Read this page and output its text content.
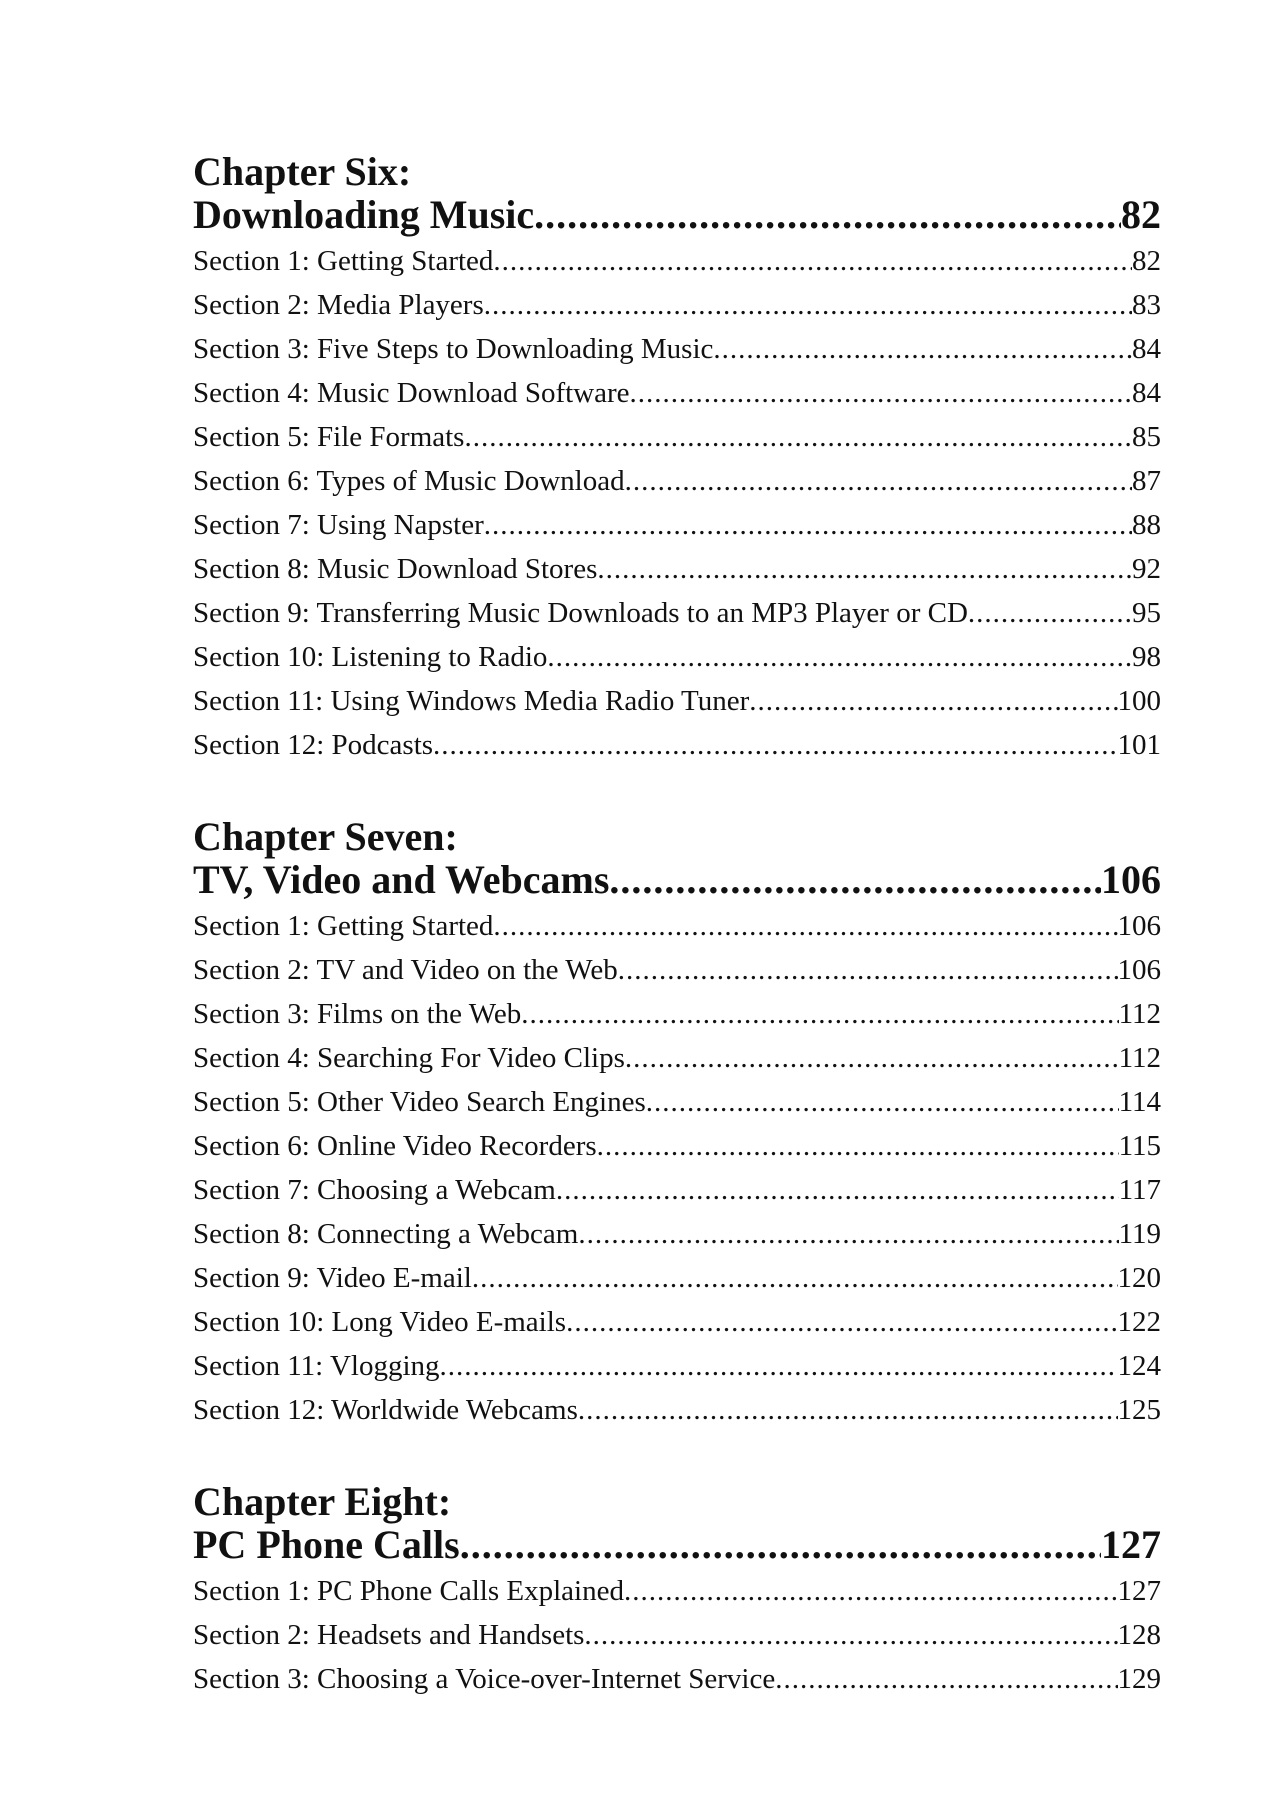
Chapter Six:
Downloading Music .....	82
Section 1: Getting Started .....	82
Section 2: Media Players .....	83
Section 3: Five Steps to Downloading Music .....	84
Section 4: Music Download Software .....	84
Section 5: File Formats .....	85
Section 6: Types of Music Download .....	87
Section 7: Using Napster .....	88
Section 8: Music Download Stores .....	92
Section 9: Transferring Music Downloads to an MP3 Player or CD .....	95
Section 10: Listening to Radio .....	98
Section 11: Using Windows Media Radio Tuner .....	100
Section 12: Podcasts .....	101
Chapter Seven:
TV, Video and Webcams .....	106
Section 1: Getting Started .....	106
Section 2: TV and Video on the Web .....	106
Section 3: Films on the Web .....	112
Section 4: Searching For Video Clips .....	112
Section 5: Other Video Search Engines .....	114
Section 6: Online Video Recorders .....	115
Section 7: Choosing a Webcam .....	117
Section 8: Connecting a Webcam .....	119
Section 9: Video E-mail .....	120
Section 10: Long Video E-mails .....	122
Section 11: Vlogging .....	124
Section 12: Worldwide Webcams .....	125
Chapter Eight:
PC Phone Calls .....	127
Section 1: PC Phone Calls Explained .....	127
Section 2: Headsets and Handsets .....	128
Section 3: Choosing a Voice-over-Internet Service .....	129
